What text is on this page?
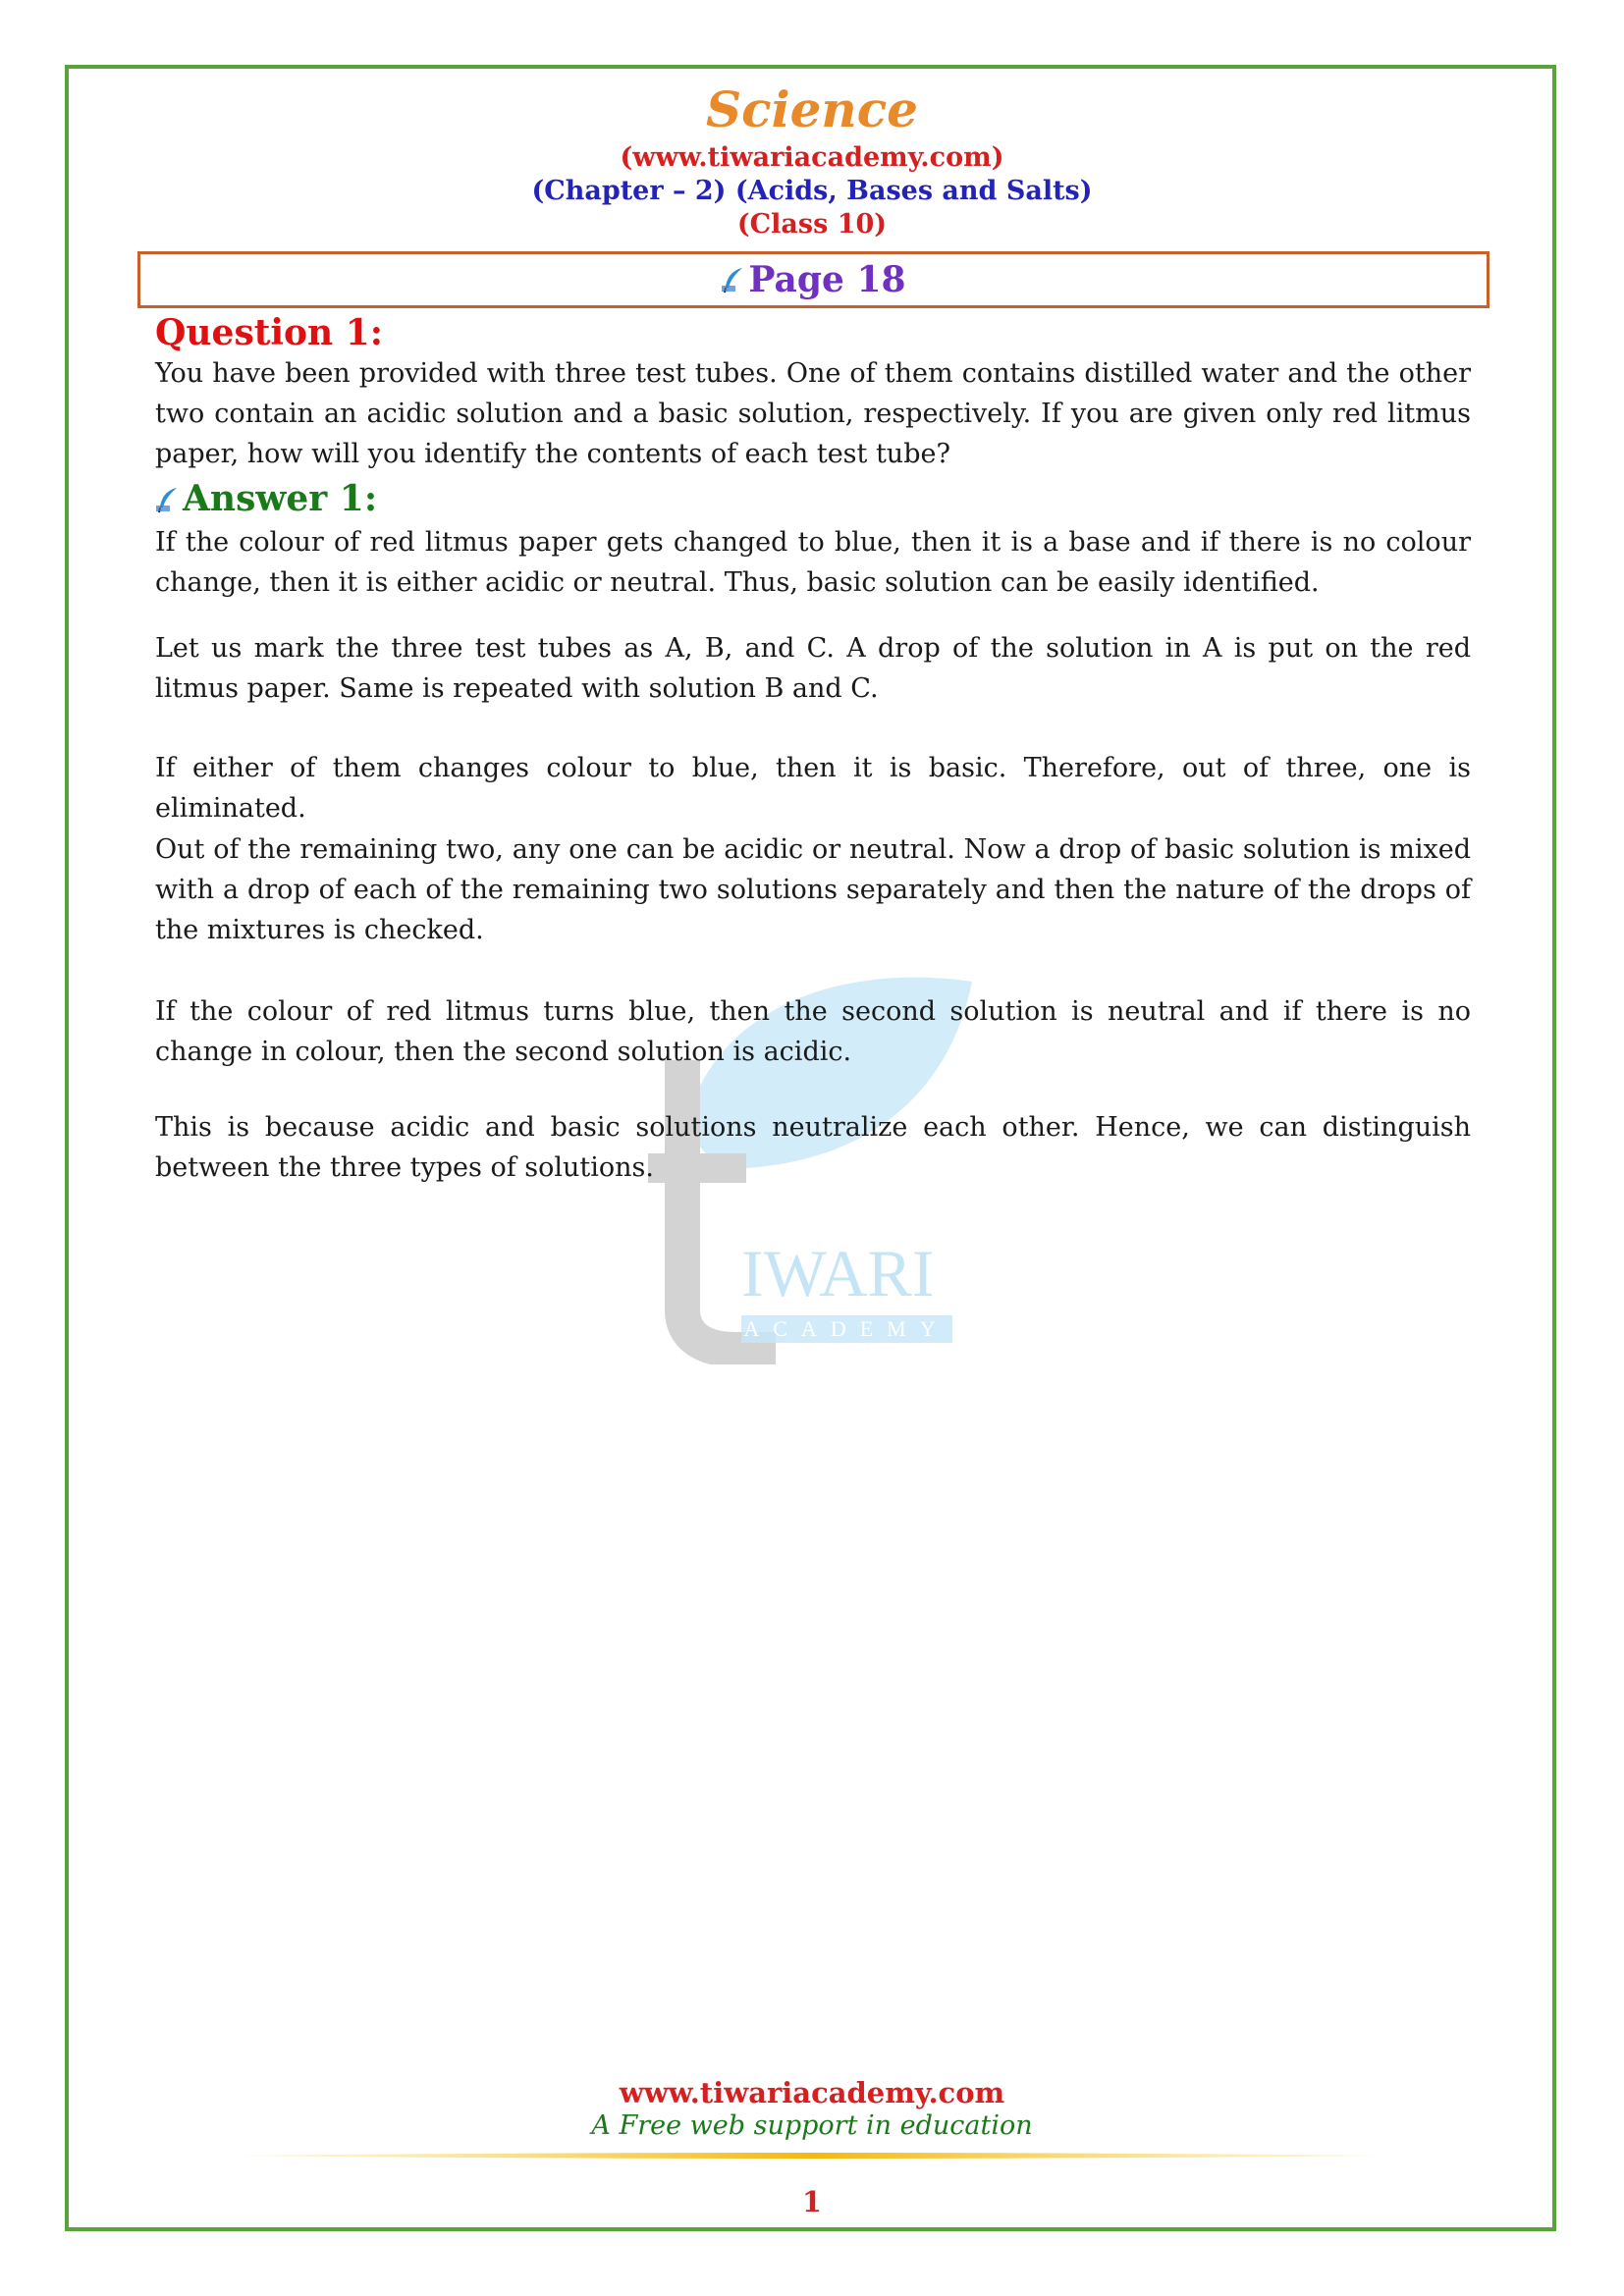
Science
(www.tiwariacademy.com)
(Chapter – 2) (Acids, Bases and Salts)
(Class 10)
Page 18
Question 1:

You have been provided with three test tubes. One of them contains distilled water and the other two contain an acidic solution and a basic solution, respectively. If you are given only red litmus paper, how will you identify the contents of each test tube?

Answer 1:
IWARI
ACADEMY

If the colour of red litmus paper gets changed to blue, then it is a base and if there is no colour change, then it is either acidic or neutral. Thus, basic solution can be easily identified.

Let us mark the three test tubes as A, B, and C. A drop of the solution in A is put on the red litmus paper. Same is repeated with solution B and C.

If either of them changes colour to blue, then it is basic. Therefore, out of three, one is eliminated.

Out of the remaining two, any one can be acidic or neutral. Now a drop of basic solution is mixed with a drop of each of the remaining two solutions separately and then the nature of the drops of the mixtures is checked.

If the colour of red litmus turns blue, then the second solution is neutral and if there is no change in colour, then the second solution is acidic.

This is because acidic and basic solutions neutralize each other. Hence, we can distinguish between the three types of solutions.

www.tiwariacademy.com
A Free web support in education
1
